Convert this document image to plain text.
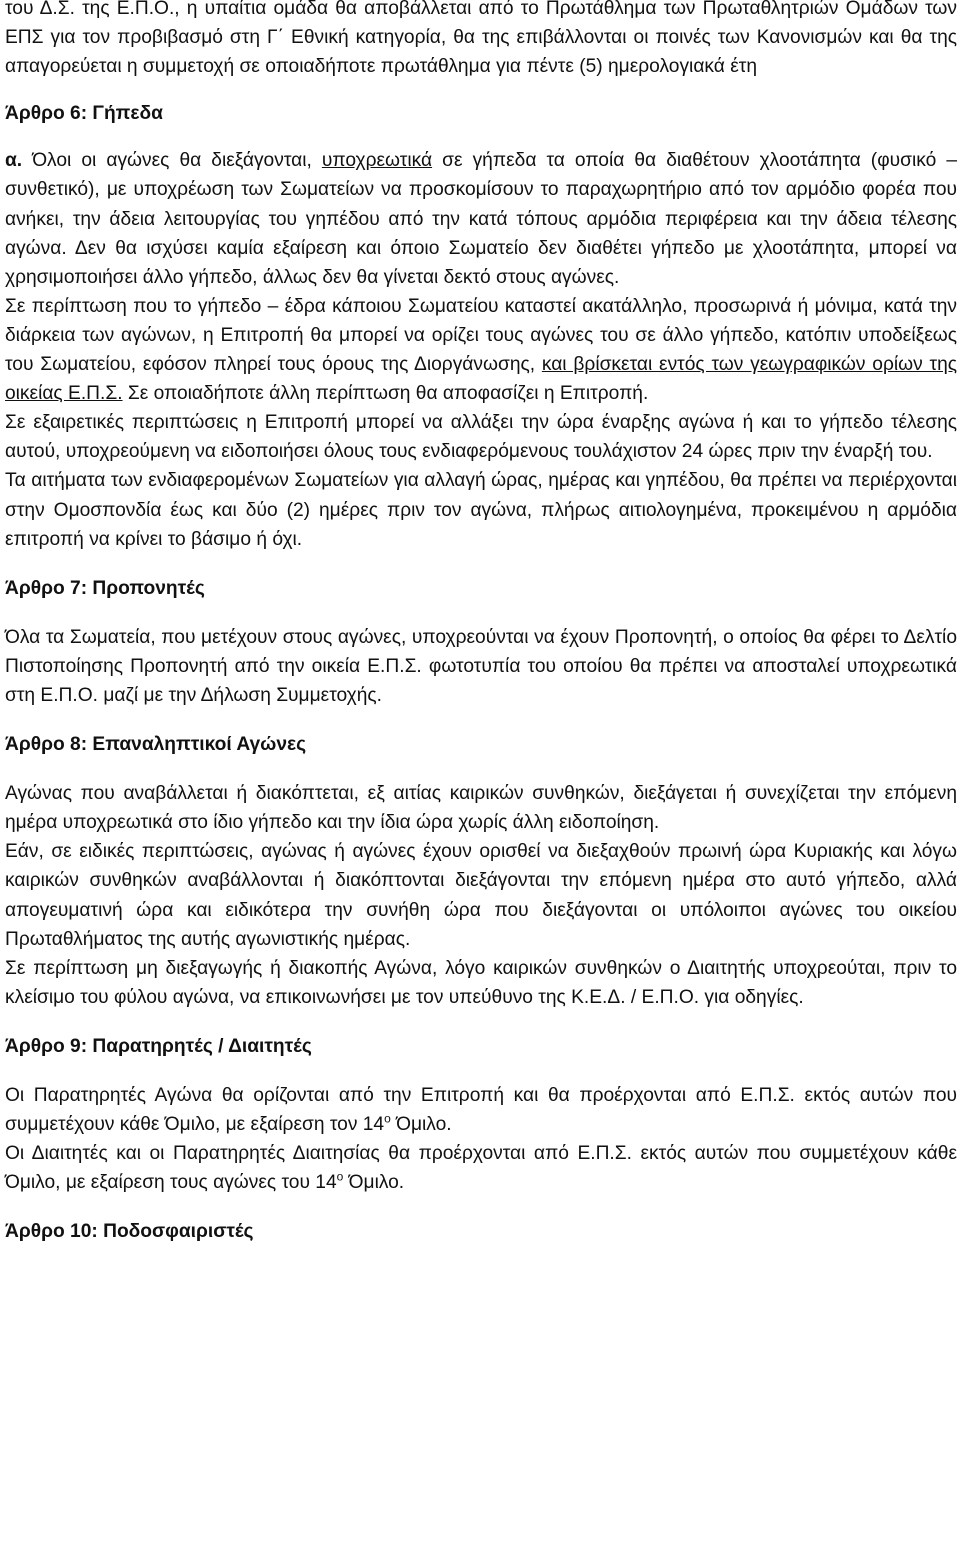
του Δ.Σ. της Ε.Π.Ο., η υπαίτια ομάδα θα αποβάλλεται από το Πρωτάθλημα των Πρωταθλητριών Ομάδων των ΕΠΣ για τον προβιβασμό στη Γ΄ Εθνική κατηγορία, θα της επιβάλλονται οι ποινές των Κανονισμών και θα της απαγορεύεται η συμμετοχή σε οποιαδήποτε πρωτάθλημα για πέντε (5) ημερολογιακά έτη

Άρθρο 6: Γήπεδα

α. Όλοι οι αγώνες θα διεξάγονται, υποχρεωτικά σε γήπεδα τα οποία θα διαθέτουν χλοοτάπητα (φυσικό – συνθετικό), με υποχρέωση των Σωματείων να προσκομίσουν το παραχωρητήριο από τον αρμόδιο φορέα που ανήκει, την άδεια λειτουργίας του γηπέδου από την κατά τόπους αρμόδια περιφέρεια και την άδεια τέλεσης αγώνα. Δεν θα ισχύσει καμία εξαίρεση και όποιο Σωματείο δεν διαθέτει γήπεδο με χλοοτάπητα, μπορεί να χρησιμοποιήσει άλλο γήπεδο, άλλως δεν θα γίνεται δεκτό στους αγώνες.

Σε περίπτωση που το γήπεδο – έδρα κάποιου Σωματείου καταστεί ακατάλληλο, προσωρινά ή μόνιμα, κατά την διάρκεια των αγώνων, η Επιτροπή θα μπορεί να ορίζει τους αγώνες του σε άλλο γήπεδο, κατόπιν υποδείξεως του Σωματείου, εφόσον πληρεί τους όρους της Διοργάνωσης, και βρίσκεται εντός των γεωγραφικών ορίων της οικείας Ε.Π.Σ. Σε οποιαδήποτε άλλη περίπτωση θα αποφασίζει η Επιτροπή.

Σε εξαιρετικές περιπτώσεις η Επιτροπή μπορεί να αλλάξει την ώρα έναρξης αγώνα ή και το γήπεδο τέλεσης αυτού, υποχρεούμενη να ειδοποιήσει όλους τους ενδιαφερόμενους τουλάχιστον 24 ώρες πριν την έναρξή του.

Τα αιτήματα των ενδιαφερομένων Σωματείων για αλλαγή ώρας, ημέρας και γηπέδου, θα πρέπει να περιέρχονται στην Ομοσπονδία έως και δύο (2) ημέρες πριν τον αγώνα, πλήρως αιτιολογημένα, προκειμένου η αρμόδια επιτροπή να κρίνει το βάσιμο ή όχι.

Άρθρο 7: Προπονητές

Όλα τα Σωματεία, που μετέχουν στους αγώνες, υποχρεούνται να έχουν Προπονητή, ο οποίος θα φέρει το Δελτίο Πιστοποίησης Προπονητή από την οικεία Ε.Π.Σ. φωτοτυπία του οποίου θα πρέπει να αποσταλεί υποχρεωτικά στη Ε.Π.Ο. μαζί με την Δήλωση Συμμετοχής.

Άρθρο 8: Επαναληπτικοί Αγώνες

Αγώνας που αναβάλλεται ή διακόπτεται, εξ αιτίας καιρικών συνθηκών, διεξάγεται ή συνεχίζεται την επόμενη ημέρα υποχρεωτικά στο ίδιο γήπεδο και την ίδια ώρα χωρίς άλλη ειδοποίηση.

Εάν, σε ειδικές περιπτώσεις, αγώνας ή αγώνες έχουν ορισθεί να διεξαχθούν πρωινή ώρα Κυριακής και λόγω καιρικών συνθηκών αναβάλλονται ή διακόπτονται διεξάγονται την επόμενη ημέρα στο αυτό γήπεδο, αλλά απογευματινή ώρα και ειδικότερα την συνήθη ώρα που διεξάγονται οι υπόλοιποι αγώνες του οικείου Πρωταθλήματος της αυτής αγωνιστικής ημέρας.

Σε περίπτωση μη διεξαγωγής ή διακοπής Αγώνα, λόγο καιρικών συνθηκών ο Διαιτητής υποχρεούται, πριν το κλείσιμο του φύλου αγώνα, να επικοινωνήσει με τον υπεύθυνο της Κ.Ε.Δ. / Ε.Π.Ο. για οδηγίες.

Άρθρο 9: Παρατηρητές / Διαιτητές

Οι Παρατηρητές Αγώνα θα ορίζονται από την Επιτροπή και θα προέρχονται από Ε.Π.Σ. εκτός αυτών που συμμετέχουν κάθε Όμιλο, με εξαίρεση τον $14^o$ Όμιλο.

Οι Διαιτητές και οι Παρατηρητές Διαιτησίας θα προέρχονται από Ε.Π.Σ. εκτός αυτών που συμμετέχουν κάθε Όμιλο, με εξαίρεση τους αγώνες του $14^o$ Όμιλο.

Άρθρο 10: Ποδοσφαιριστές
